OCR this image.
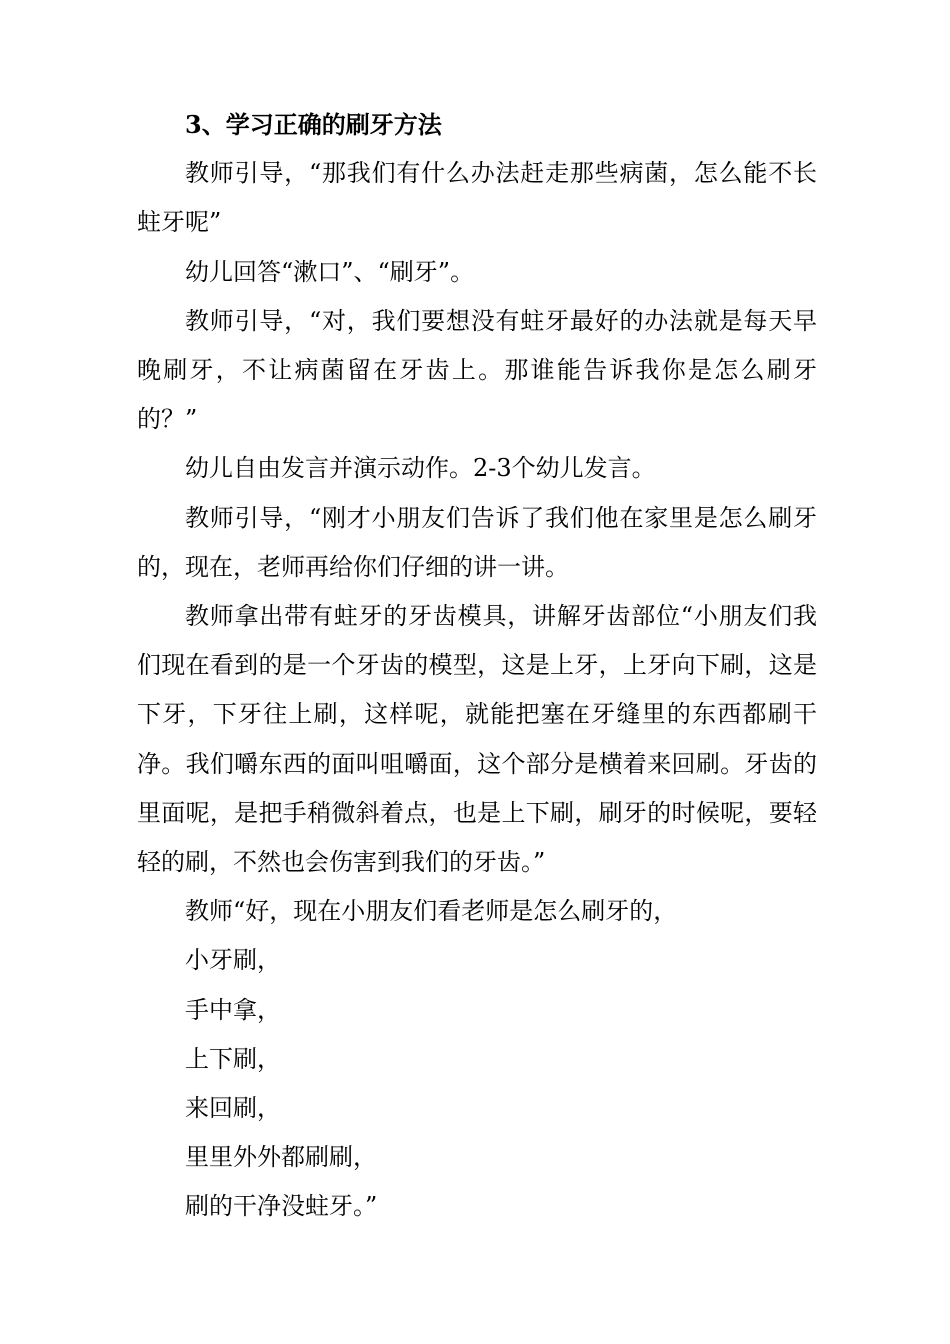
3、学习正确的刷牙方法

教师引导，“那我们有什么办法赶走那些病菌，怎么能不长蛀牙呢”

幼儿回答“漱口”、“刷牙”。

教师引导，“对，我们要想没有蛀牙最好的办法就是每天早晚刷牙，不让病菌留在牙齿上。那谁能告诉我你是怎么刷牙的？”

幼儿自由发言并演示动作。2-3个幼儿发言。

教师引导，“刚才小朋友们告诉了我们他在家里是怎么刷牙的，现在，老师再给你们仔细的讲一讲。

教师拿出带有蛀牙的牙齿模具，讲解牙齿部位“小朋友们我们现在看到的是一个牙齿的模型，这是上牙，上牙向下刷，这是下牙，下牙往上刷，这样呢，就能把塞在牙缝里的东西都刷干净。我们嚼东西的面叫咀嚼面，这个部分是横着来回刷。牙齿的里面呢，是把手稍微斜着点，也是上下刷，刷牙的时候呢，要轻轻的刷，不然也会伤害到我们的牙齿。”

教师“好，现在小朋友们看老师是怎么刷牙的，

小牙刷，

手中拿，

上下刷，

来回刷，

里里外外都刷刷，

刷的干净没蛀牙。”
